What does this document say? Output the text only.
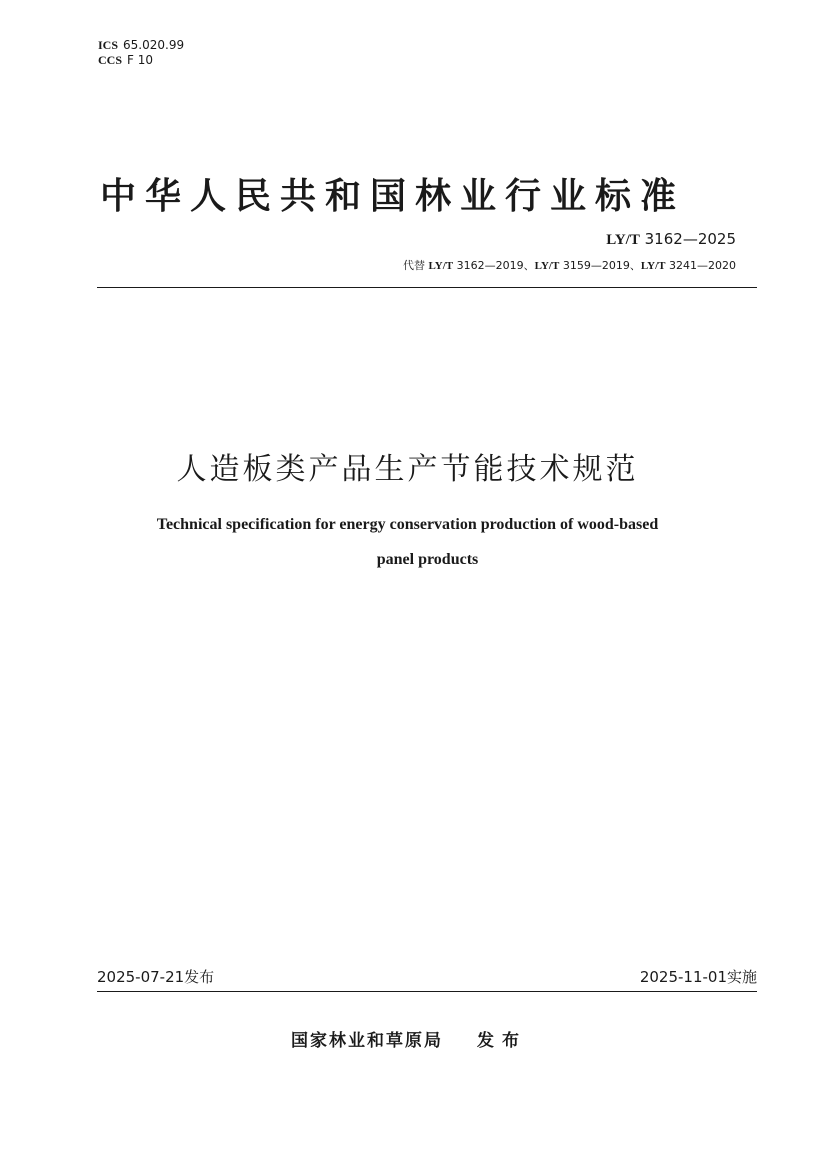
ICS 65.020.99
CCS F 10
中华人民共和国林业行业标准
LY/T 3162—2025
代替 LY/T 3162—2019、LY/T 3159—2019、LY/T 3241—2020
人造板类产品生产节能技术规范
Technical specification for energy conservation production of wood-based
panel products
2025-07-21发布	2025-11-01实施
国家林业和草原局 发布
